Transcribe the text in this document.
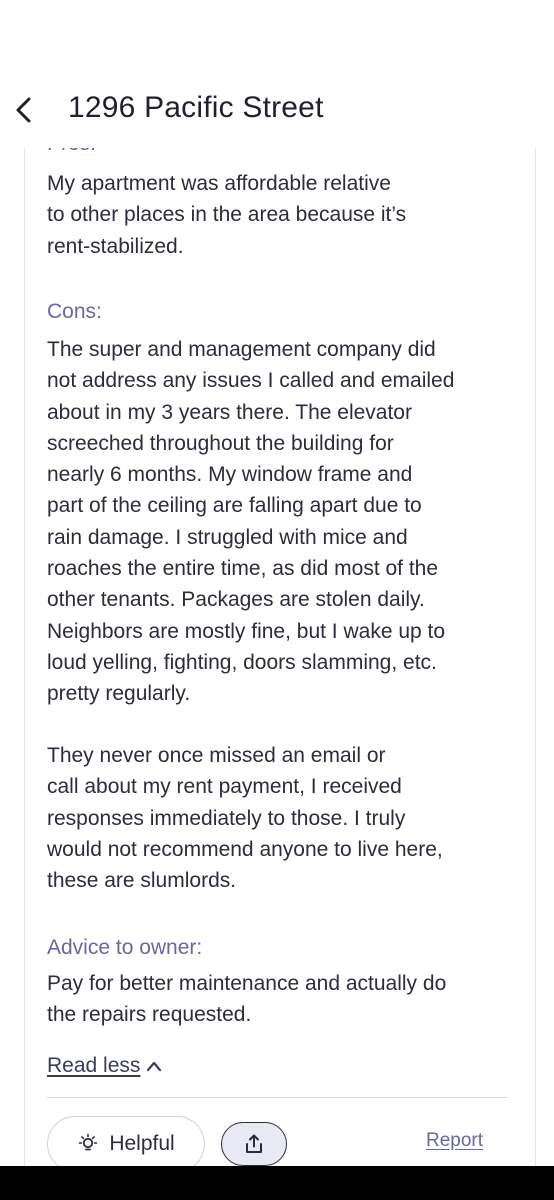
1296 Pacific Street

My apartment was affordable relative
to other places in the area because it’s
rent-stabilized.

Cons:

The super and management company did
not address any issues I called and emailed
about in my 3 years there. The elevator
screeched throughout the building for
nearly 6 months. My window frame and
part of the ceiling are falling apart due to
rain damage. I struggled with mice and
roaches the entire time, as did most of the
other tenants. Packages are stolen daily.
Neighbors are mostly fine, but I wake up to
loud yelling, fighting, doors slamming, etc.
pretty regularly.

They never once missed an email or
call about my rent payment, I received
responses immediately to those. I truly
would not recommend anyone to live here,
these are slumlords.

Advice to owner:

Pay for better maintenance and actually do
the repairs requested.

Read less
Helpful	Report
